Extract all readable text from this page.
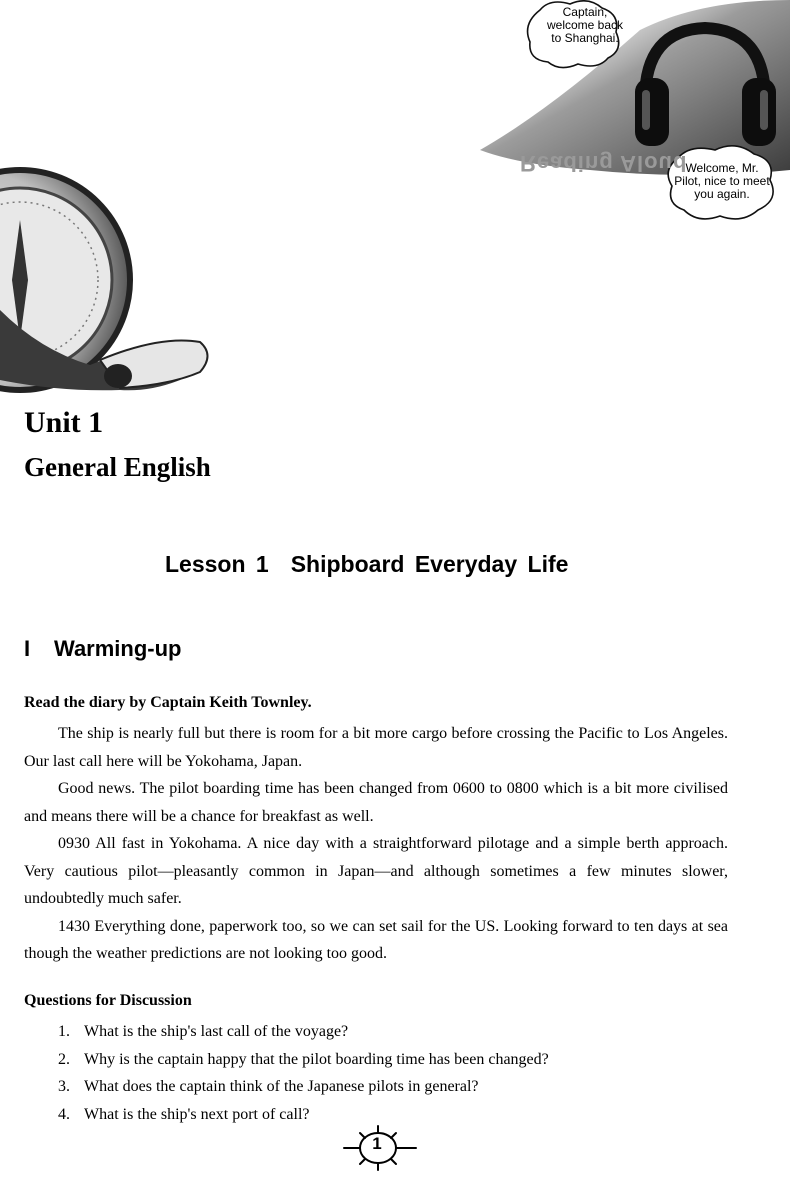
Reading Aloud
Captain, welcome back to Shanghai.
Welcome, Mr. Pilot, nice to meet you again.
Unit 1
General English
Lesson 1 Shipboard Everyday Life
I Warming-up
Read the diary by Captain Keith Townley.

The ship is nearly full but there is room for a bit more cargo before crossing the Pacific to Los Angeles. Our last call here will be Yokohama, Japan.

Good news. The pilot boarding time has been changed from 0600 to 0800 which is a bit more civilised and means there will be a chance for breakfast as well.

0930 All fast in Yokohama. A nice day with a straightforward pilotage and a simple berth approach. Very cautious pilot—pleasantly common in Japan—and although sometimes a few minutes slower, undoubtedly much safer.

1430 Everything done, paperwork too, so we can set sail for the US. Looking forward to ten days at sea though the weather predictions are not looking too good.

Questions for Discussion
1. What is the ship's last call of the voyage?
2. Why is the captain happy that the pilot boarding time has been changed?
3. What does the captain think of the Japanese pilots in general?
4. What is the ship's next port of call?
1
